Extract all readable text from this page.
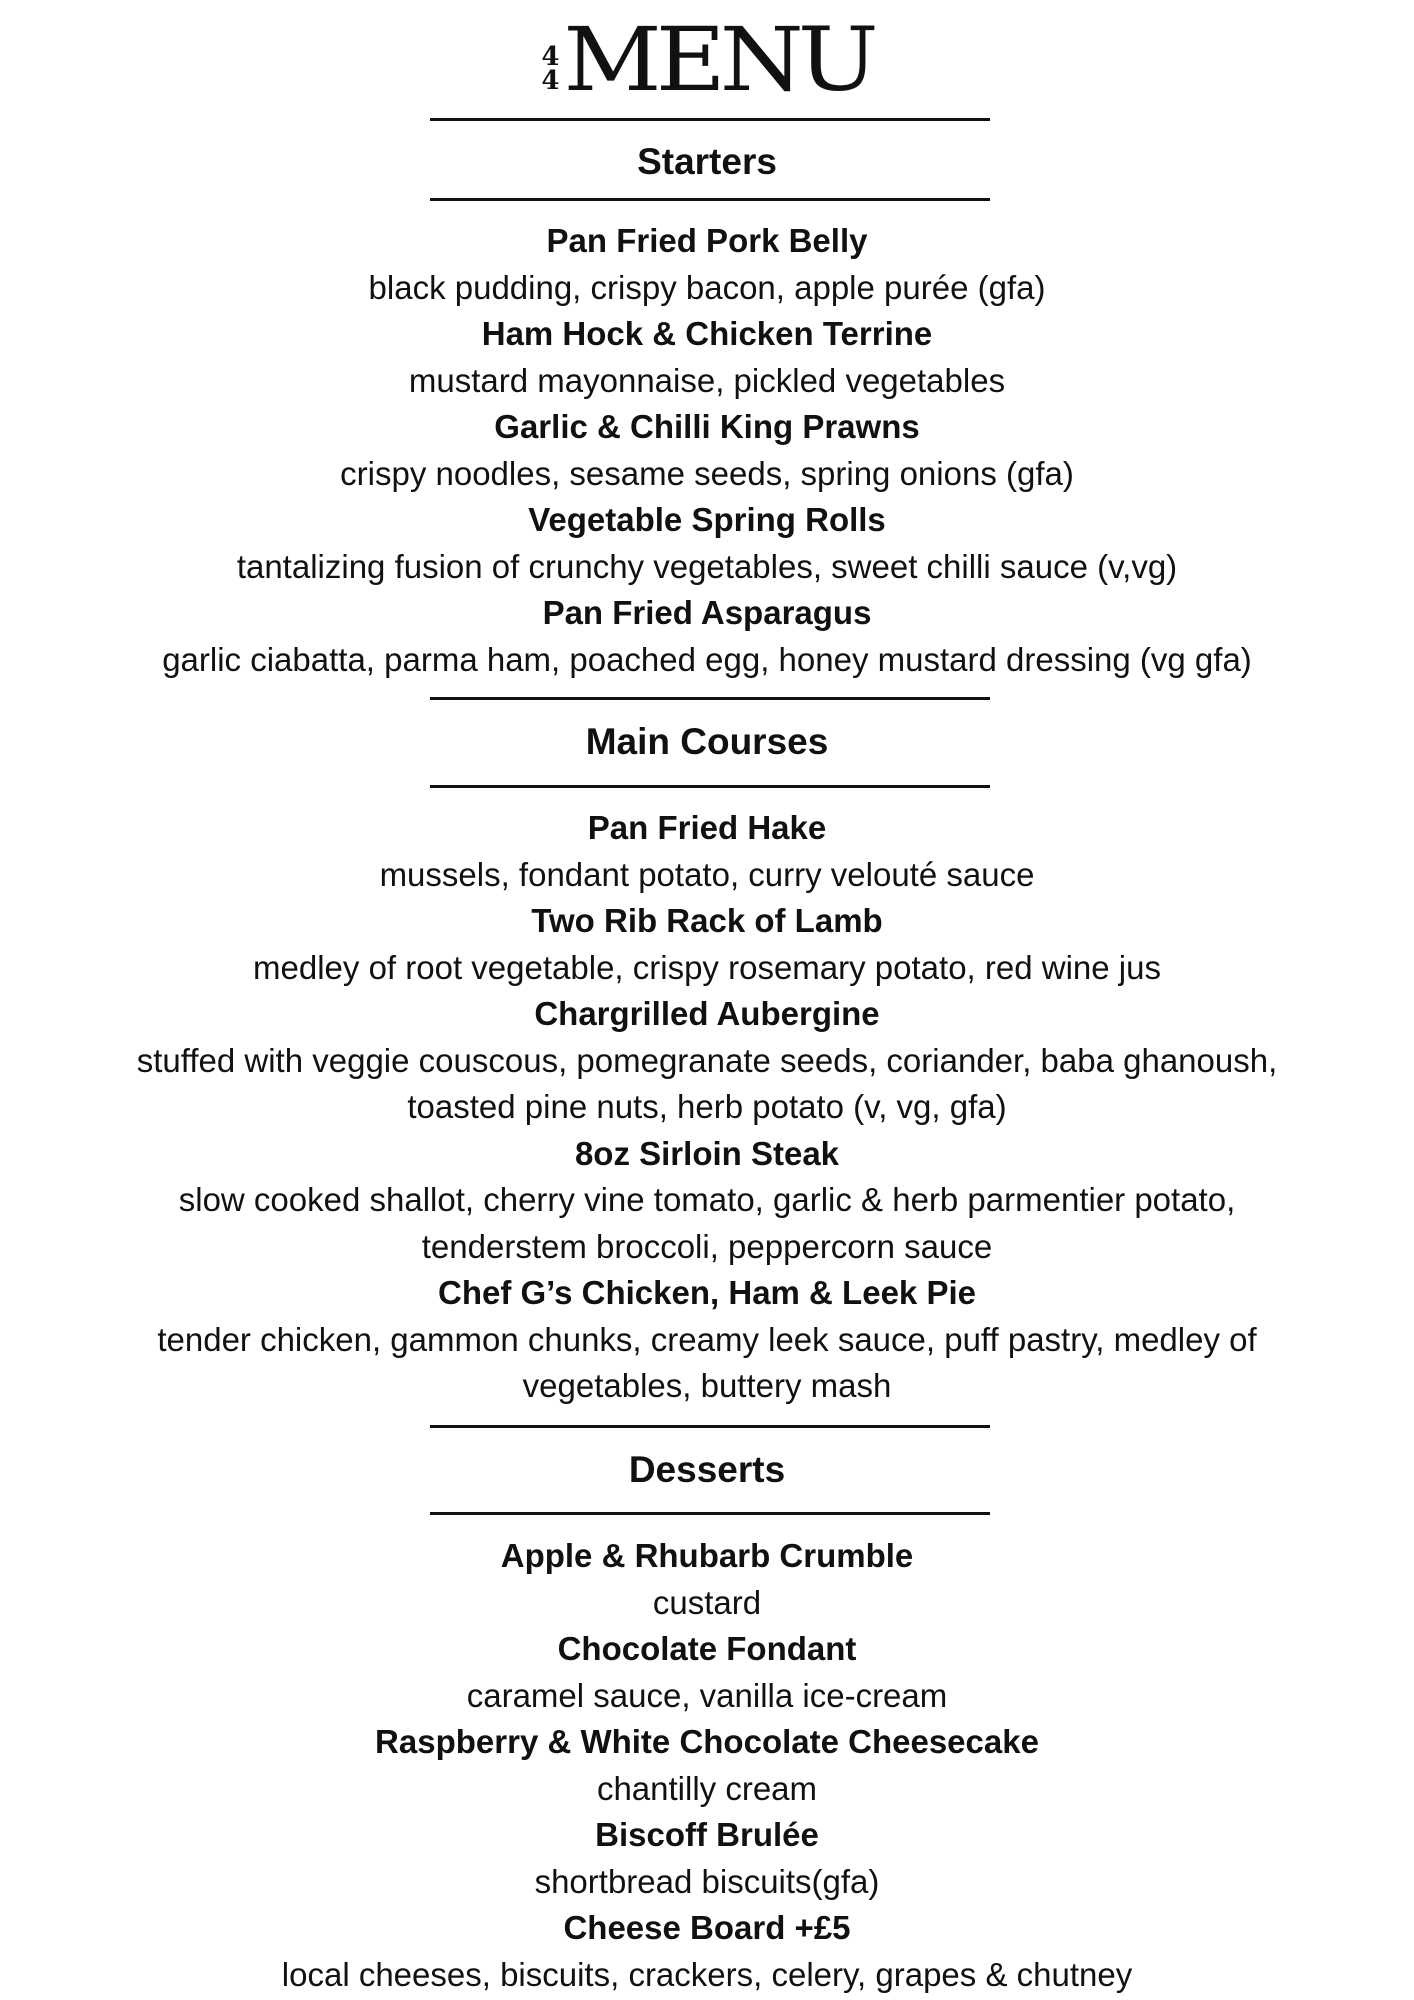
4
4 MENU
Starters

Pan Fried Pork Belly

black pudding, crispy bacon, apple purée (gfa)

Ham Hock & Chicken Terrine

mustard mayonnaise, pickled vegetables

Garlic & Chilli King Prawns

crispy noodles, sesame seeds, spring onions (gfa)

Vegetable Spring Rolls

tantalizing fusion of crunchy vegetables, sweet chilli sauce (v,vg)

Pan Fried Asparagus

garlic ciabatta, parma ham, poached egg, honey mustard dressing (vg gfa)

Main Courses

Pan Fried Hake

mussels, fondant potato, curry velouté sauce

Two Rib Rack of Lamb

medley of root vegetable, crispy rosemary potato, red wine jus

Chargrilled Aubergine

stuffed with veggie couscous, pomegranate seeds, coriander, baba ghanoush,

toasted pine nuts, herb potato (v, vg, gfa)

8oz Sirloin Steak

slow cooked shallot, cherry vine tomato, garlic & herb parmentier potato,

tenderstem broccoli, peppercorn sauce

Chef G’s Chicken, Ham & Leek Pie

tender chicken, gammon chunks, creamy leek sauce, puff pastry, medley of

vegetables, buttery mash

Desserts

Apple & Rhubarb Crumble

custard

Chocolate Fondant

caramel sauce, vanilla ice-cream

Raspberry & White Chocolate Cheesecake

chantilly cream

Biscoff Brulée

shortbread biscuits(gfa)

Cheese Board +£5

local cheeses, biscuits, crackers, celery, grapes & chutney
